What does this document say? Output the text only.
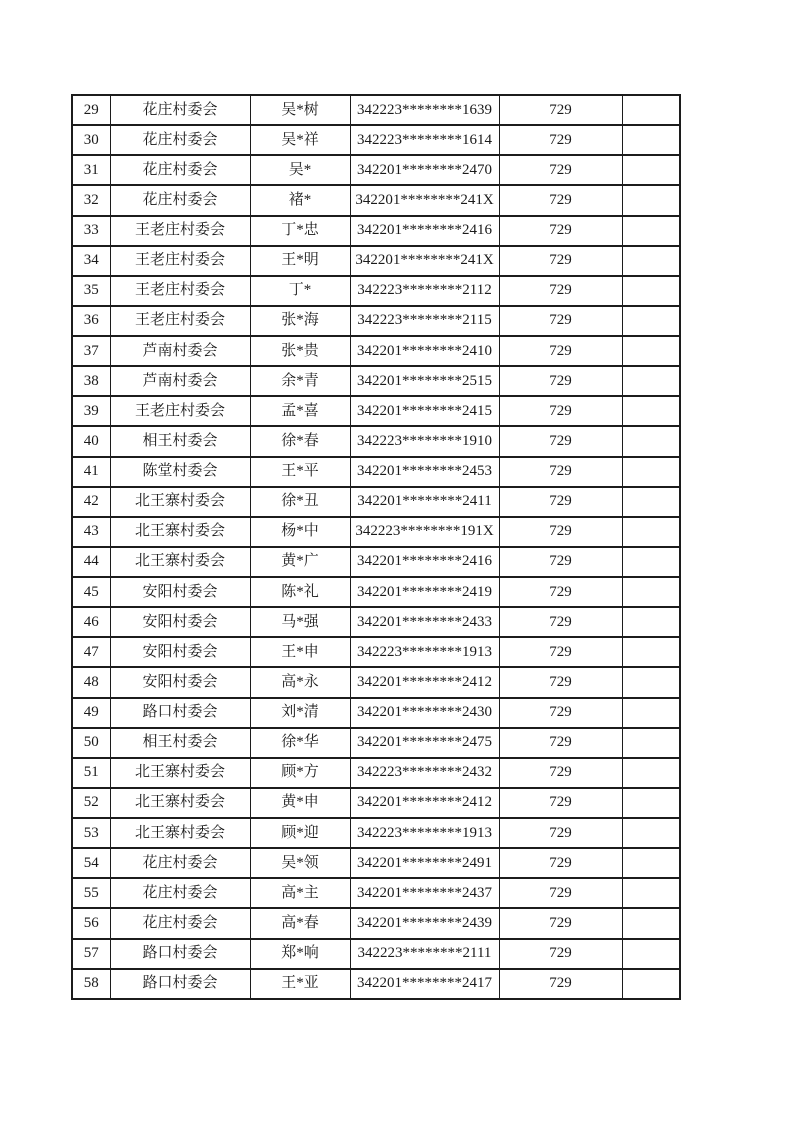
29	花庄村委会	吴*树	342223********1639	729	
30	花庄村委会	吴*祥	342223********1614	729	
31	花庄村委会	吴*	342201********2470	729	
32	花庄村委会	褚*	342201********241X	729	
33	王老庄村委会	丁*忠	342201********2416	729	
34	王老庄村委会	王*明	342201********241X	729	
35	王老庄村委会	丁*	342223********2112	729	
36	王老庄村委会	张*海	342223********2115	729	
37	芦南村委会	张*贵	342201********2410	729	
38	芦南村委会	余*青	342201********2515	729	
39	王老庄村委会	孟*喜	342201********2415	729	
40	相王村委会	徐*春	342223********1910	729	
41	陈堂村委会	王*平	342201********2453	729	
42	北王寨村委会	徐*丑	342201********2411	729	
43	北王寨村委会	杨*中	342223********191X	729	
44	北王寨村委会	黄*广	342201********2416	729	
45	安阳村委会	陈*礼	342201********2419	729	
46	安阳村委会	马*强	342201********2433	729	
47	安阳村委会	王*申	342223********1913	729	
48	安阳村委会	高*永	342201********2412	729	
49	路口村委会	刘*清	342201********2430	729	
50	相王村委会	徐*华	342201********2475	729	
51	北王寨村委会	顾*方	342223********2432	729	
52	北王寨村委会	黄*申	342201********2412	729	
53	北王寨村委会	顾*迎	342223********1913	729	
54	花庄村委会	吴*领	342201********2491	729	
55	花庄村委会	高*主	342201********2437	729	
56	花庄村委会	高*春	342201********2439	729	
57	路口村委会	郑*响	342223********2111	729	
58	路口村委会	王*亚	342201********2417	729	
